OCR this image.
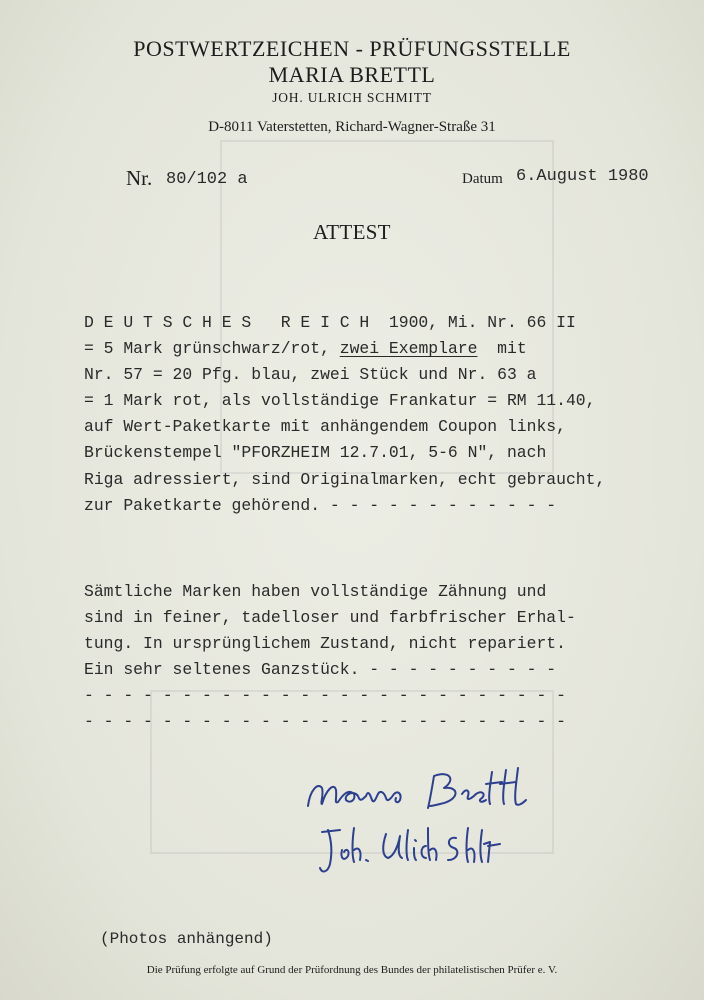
POSTWERTZEICHEN - PRÜFUNGSSTELLE
MARIA BRETTL
JOH. ULRICH SCHMITT
D-8011 Vaterstetten, Richard-Wagner-Straße 31
Nr. 80/102 a	Datum 6.August 1980
ATTEST
D E U T S C H E S   R E I C H  1900, Mi. Nr. 66 II
= 5 Mark grünschwarz/rot, zwei Exemplare  mit
Nr. 57 = 20 Pfg. blau, zwei Stück und Nr. 63 a
= 1 Mark rot, als vollständige Frankatur = RM 11.40,
auf Wert-Paketkarte mit anhängendem Coupon links,
Brückenstempel "PFORZHEIM 12.7.01, 5-6 N", nach
Riga adressiert, sind Originalmarken, echt gebraucht,
zur Paketkarte gehörend. - - - - - - - - - - - -
Sämtliche Marken haben vollständige Zähnung und
sind in feiner, tadelloser und farbfrischer Erhal-
tung. In ursprünglichem Zustand, nicht repariert.
Ein sehr seltenes Ganzstück. - - - - - - - - - -
- - - - - - - - - - - - - - - - - - - - - - - - -
- - - - - - - - - - - - - - - - - - - - - - - - -
(Photos anhängend)
Die Prüfung erfolgte auf Grund der Prüfordnung des Bundes der philatelistischen Prüfer e. V.
